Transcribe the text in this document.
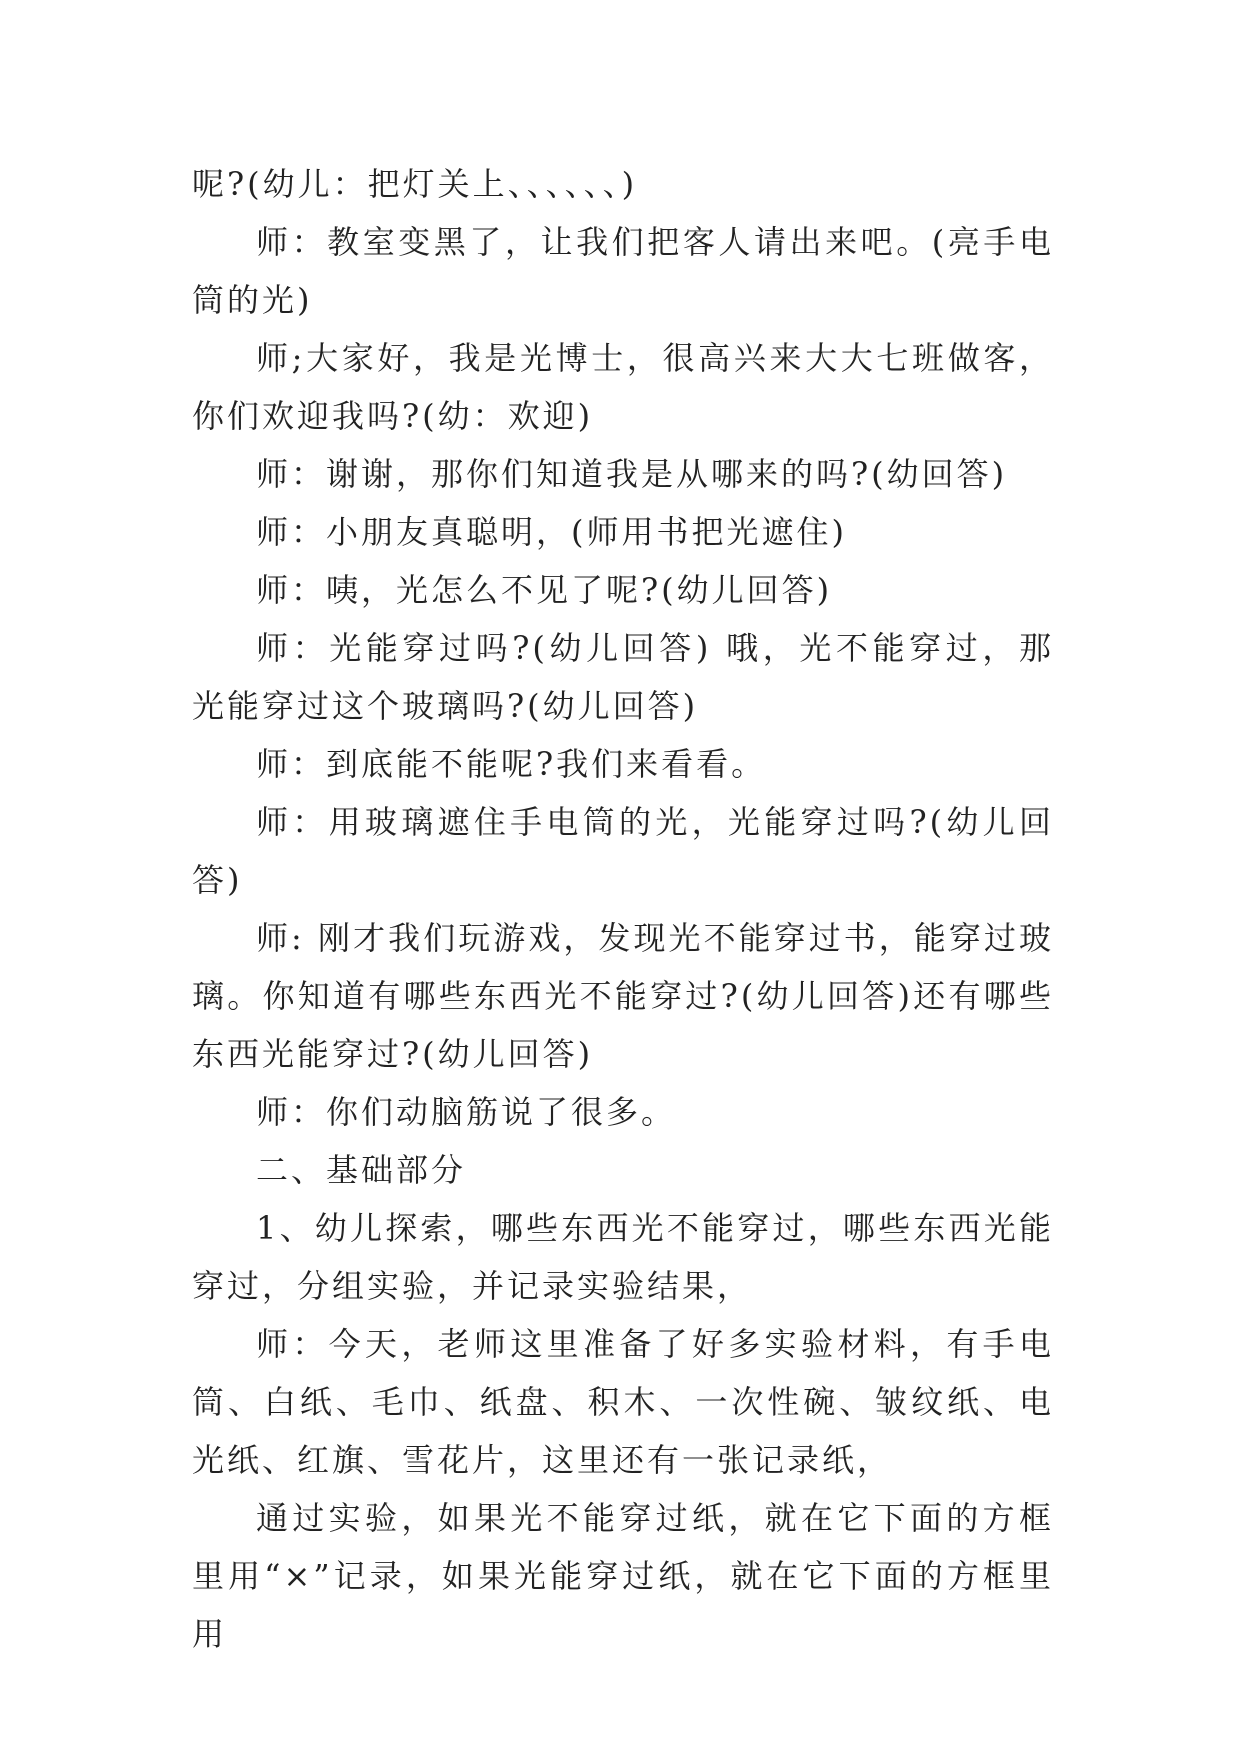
呢?(幼儿：把灯关上、、、、、、)

师：教室变黑了，让我们把客人请出来吧。(亮手电筒的光)

师;大家好，我是光博士，很高兴来大大七班做客，你们欢迎我吗?(幼：欢迎)

师：谢谢，那你们知道我是从哪来的吗?(幼回答)

师：小朋友真聪明，(师用书把光遮住)

师：咦，光怎么不见了呢?(幼儿回答)

师：光能穿过吗?(幼儿回答) 哦，光不能穿过，那光能穿过这个玻璃吗?(幼儿回答)

师：到底能不能呢?我们来看看。

师：用玻璃遮住手电筒的光，光能穿过吗?(幼儿回答)

师: 刚才我们玩游戏，发现光不能穿过书，能穿过玻璃。你知道有哪些东西光不能穿过?(幼儿回答)还有哪些东西光能穿过?(幼儿回答)

师：你们动脑筋说了很多。

二、基础部分

1、幼儿探索，哪些东西光不能穿过，哪些东西光能穿过，分组实验，并记录实验结果，

师：今天，老师这里准备了好多实验材料，有手电筒、白纸、毛巾、纸盘、积木、一次性碗、皱纹纸、电光纸、红旗、雪花片，这里还有一张记录纸，

通过实验，如果光不能穿过纸，就在它下面的方框里用“×”记录，如果光能穿过纸，就在它下面的方框里用
